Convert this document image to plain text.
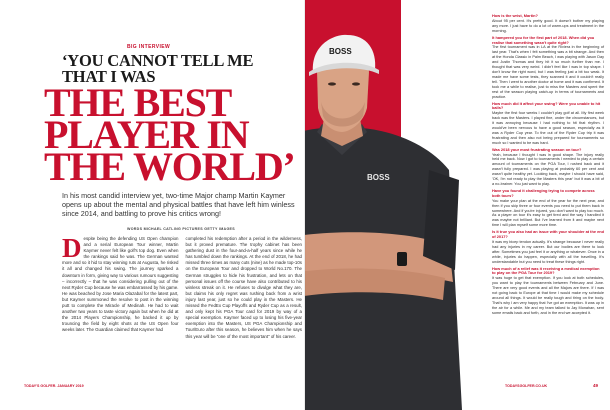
BIG INTERVIEW
‘YOU CANNOT TELL ME THAT I WAS
THE BEST PLAYER IN THE WORLD’
In his most candid interview yet, two-time Major champ Martin Kaymer opens up about the mental and physical battles that have left him winless since 2014, and battling to prove his critics wrong!
WORDS MICHAEL CATLING PICTURES GETTY IMAGES
Despite being the defending US Open champion and a serial European Tour winner, Martin Kaymer never felt like golf's top dog. Even when the rankings said he was. The German wanted more and so it hid to stay winning ruts at Augusta, he risked it all and changed his swing. The journey sparked a downturn in form, giving way to various rumours suggesting – incorrectly – that he was considering pulling out of the next Ryder Cup because he was embarrassed by his game. He was beached by Jose Maria Olazabal for the latest part, but Kaymer summoned the resolve to post in the winning putt to complete the Miracle of Medinah. He had to wait another two years to taste victory again but when he did at the 2014 Players Championship, he backed it up by trouncing the field by eight shots at the US Open four weeks later. The Guardian claimed that Kaymer had
completed his redemption after a period in the wilderness, but it proved premature. The trophy cabinet has been gathering dust in the four-and-a-half years since while he has tumbled down the rankings. At the end of 2018, he had missed three times as many cuts (nine) as he made top-10s on the European Tour and dropped to World No.170. The German struggles to hide his frustration, and lets on that personal issues off the course have also contributed to his winless streak on it. He refuses to divulge what they are, but claims his only regret was rushing back from a wrist injury last year, just so he could play in the Masters. He missed the FedEx Cup Playoffs and Ryder Cup as a result, and only kept his PGA Tour card for 2019 by way of a special exemption. Kaymer faced up to losing his five-year exemption into the Masters, US PGA Championship and Tour/Euro after this season, he believes him when he says this year will be "one of the most important" of his career.
TODAY'S GOLFER. JANUARY 2019
BOSS
BOSS
‘THE INJURY REALLY HELD ME BACK. I GOT TO TOURNAMENTS AND I WASN'T PREPARED. I WAS PLAYING AT 60 PER CENT.’
How is the wrist, Martin?
About 95 per cent. It's pretty good. It doesn't bother my playing any more. I just have to do a lot of warm-ups and treatment in the morning.
It hampered you for the first part of 2018. When did you realise that something wasn't quite right?
The first tournament was in LA at the Riviera in the beginning of last year. That's when I felt something was a bit strange. And then at the Honda Classic in Palm Beach, I was playing with Jason Day and Justin Thomas and they hit it so much further than me. I thought that was very weird. I didn't feel like I was in top shape. I don't know the right word, but I was feeling just a bit too weak. It made me have some tests, they scanned it and it couldn't really tell. Then I went to another doctor at home and it was confirmed. It took me a while to realise, just to miss the Masters and spent the rest of the season playing catch-up in terms of tournaments and practice.
How much did it affect your swing? Were you unable to hit balls?
Maybe the first four weeks I couldn't play golf at all. My first week back was the Masters. I played fine, under the circumstances, but it was annoying because I had nothing to hit that rhythm. I would've been nervous to have a good season, especially as it was a Ryder Cup year. To the out of the Ryder Cup trip it was frustrating and then also not being prepared for tournaments so much so I wanted to be was hard.
Was 2018 your most frustrating season on tour?
Yeah, because I thought I was in good shape. The injury really held me back. Now I got to tournaments I needed to play a certain amount of tournaments on the PGA Tour, I rushed back and it wasn't fully prepared. I was playing at probably 60 per cent and wasn't quite healthy yet. Looking back, maybe I should have said, 'OK, I'm not ready to play the Masters this year' but it was a bit of a no-brainer. You just want to play.
Have you found it challenging trying to compete across both tours?
You make your plan at the end of the year for the next year, and then if you skip three or four events you need to put them back in somewhere. And if you're injured, you don't want to play too much. As a player on tour it's easy to get tired and the way I handled it was maybe not brilliant. But I've learned from it and maybe next time I will plan myself some more time.
Is it true you also had an issue with your shoulder at the end of 2017?
It was my bicep tendon actually. It's strange because I never really had any injuries in my career. But our bodies are there to look after. Sometimes you just feel it or anything or whatever. Once in a while, injuries do happen, especially with all the travelling. It's understandable but you need to treat these things right.
How much of a relief was it receiving a medical exemption to play on the PGA Tour for 2019?
It was huge to get that exemption. If you look at both schedules, you want to play the tournaments between February and June. There are very good events and all the Majors are there. If I was not going back to Europe at that time I would make my schedule around all things. It would be really tough and tiring on the body. That's why I am very happy that I've got an exemption. It was up in the air for a while. Me and my team talked to Jay Monahan, sent some emails back and forth, and in the end we accepted it.
TODAYSGOLFER.CO.UK	49
